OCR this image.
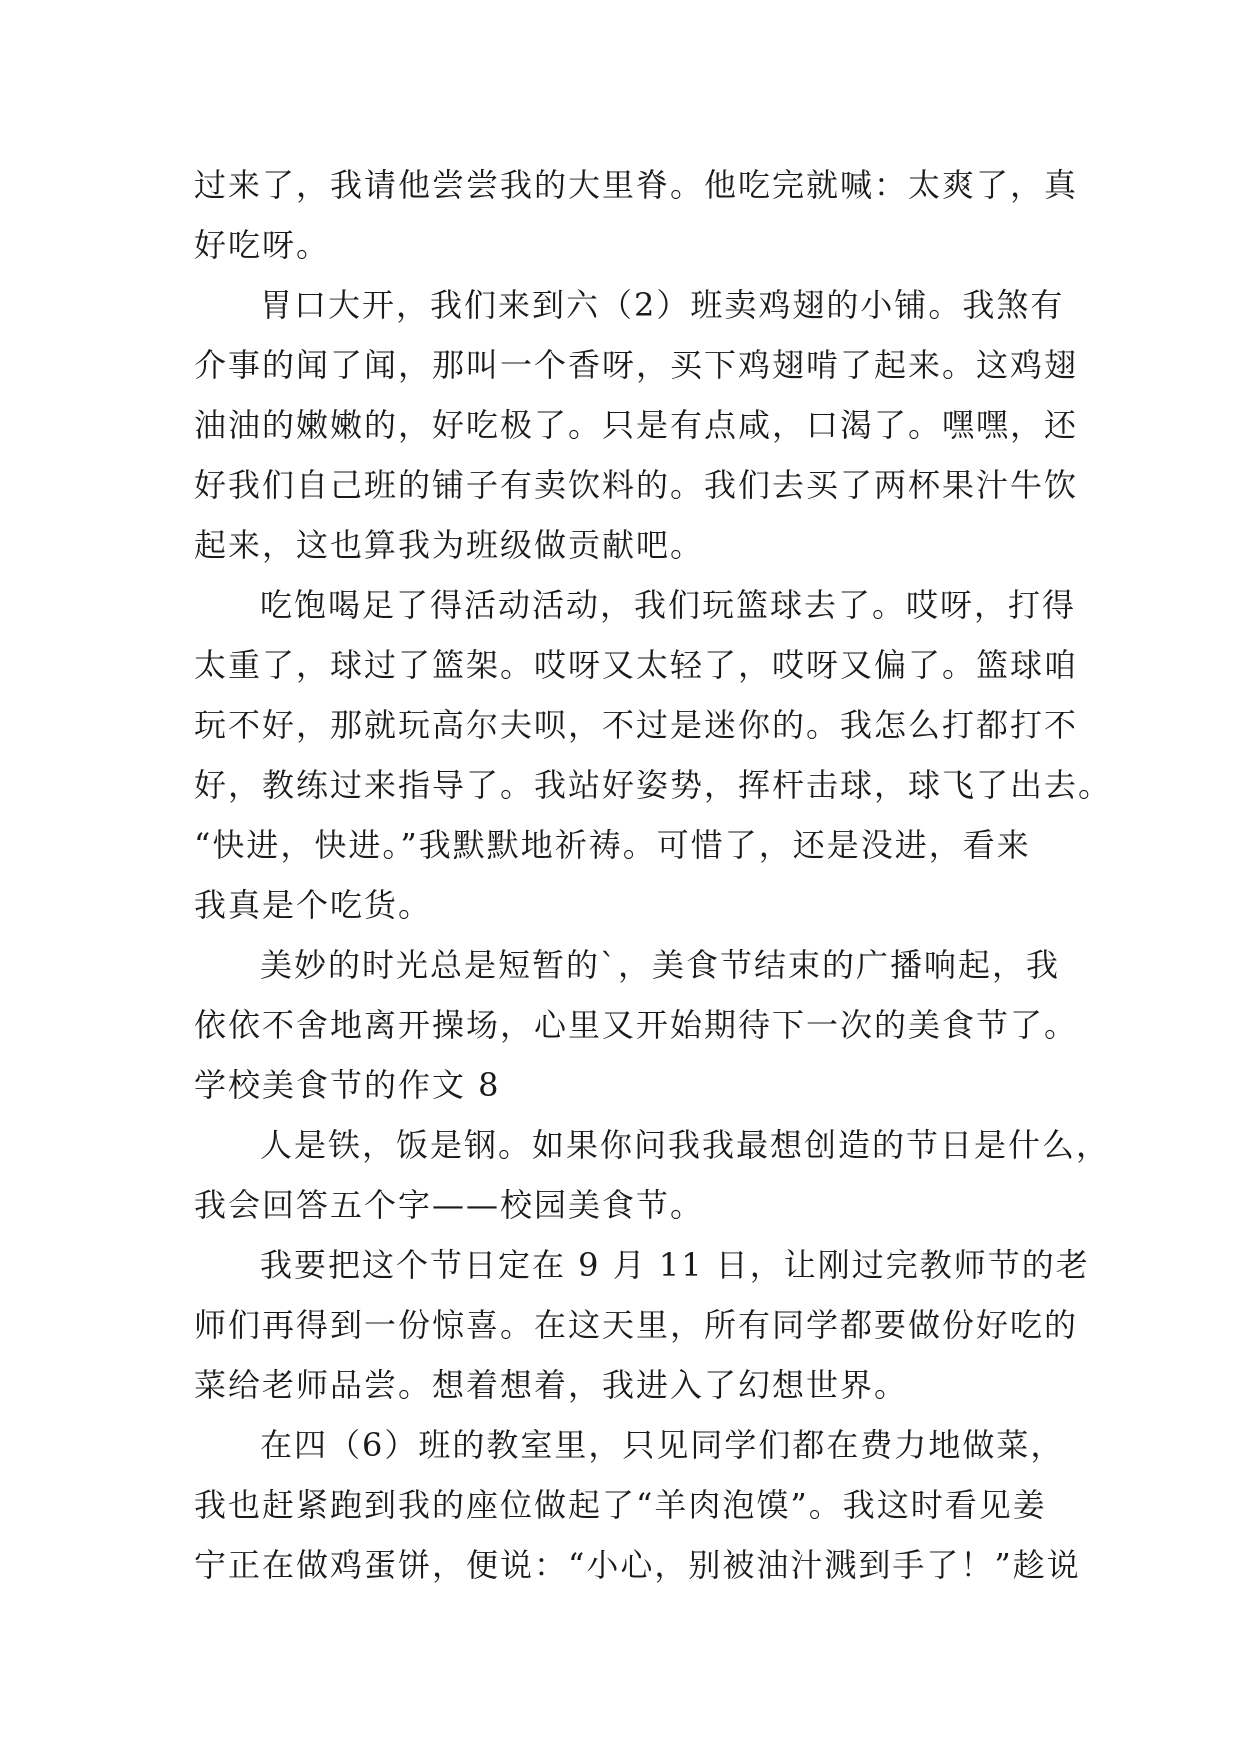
过来了，我请他尝尝我的大里脊。他吃完就喊：太爽了，真
好吃呀。
胃口大开，我们来到六（2）班卖鸡翅的小铺。我煞有
介事的闻了闻，那叫一个香呀，买下鸡翅啃了起来。这鸡翅
油油的嫩嫩的，好吃极了。只是有点咸，口渴了。嘿嘿，还
好我们自己班的铺子有卖饮料的。我们去买了两杯果汁牛饮
起来，这也算我为班级做贡献吧。
吃饱喝足了得活动活动，我们玩篮球去了。哎呀，打得
太重了，球过了篮架。哎呀又太轻了，哎呀又偏了。篮球咱
玩不好，那就玩高尔夫呗，不过是迷你的。我怎么打都打不
好，教练过来指导了。我站好姿势，挥杆击球，球飞了出去。
“快进，快进。”我默默地祈祷。可惜了，还是没进，看来
我真是个吃货。
美妙的时光总是短暂的`，美食节结束的广播响起，我
依依不舍地离开操场，心里又开始期待下一次的美食节了。
学校美食节的作文 8
人是铁，饭是钢。如果你问我我最想创造的节日是什么，
我会回答五个字——校园美食节。
我要把这个节日定在 9 月 11 日，让刚过完教师节的老
师们再得到一份惊喜。在这天里，所有同学都要做份好吃的
菜给老师品尝。想着想着，我进入了幻想世界。
在四（6）班的教室里，只见同学们都在费力地做菜，
我也赶紧跑到我的座位做起了“羊肉泡馍”。我这时看见姜
宁正在做鸡蛋饼，便说：“小心，别被油汁溅到手了！”趁说
